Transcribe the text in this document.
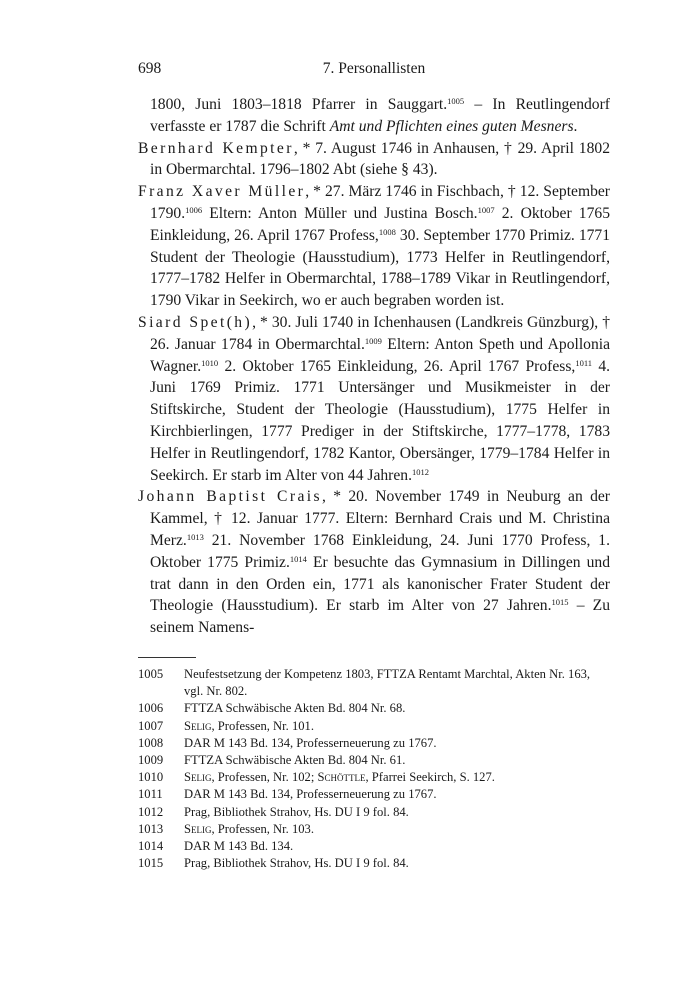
698	7. Personallisten
1800, Juni 1803–1818 Pfarrer in Sauggart.$^{1005}$ – In Reutlingendorf verfasste er 1787 die Schrift Amt und Pflichten eines guten Mesners.
Bernhard Kempter, * 7. August 1746 in Anhausen, † 29. April 1802 in Obermarchtal. 1796–1802 Abt (siehe § 43).
Franz Xaver Müller, * 27. März 1746 in Fischbach, † 12. September 1790.$^{1006}$ Eltern: Anton Müller und Justina Bosch.$^{1007}$ 2. Oktober 1765 Einkleidung, 26. April 1767 Profess,$^{1008}$ 30. September 1770 Primiz. 1771 Student der Theologie (Hausstudium), 1773 Helfer in Reutlingendorf, 1777–1782 Helfer in Obermarchtal, 1788–1789 Vikar in Reutlingendorf, 1790 Vikar in Seekirch, wo er auch begraben worden ist.
Siard Spet(h), * 30. Juli 1740 in Ichenhausen (Landkreis Günzburg), † 26. Januar 1784 in Obermarchtal.$^{1009}$ Eltern: Anton Speth und Apollonia Wagner.$^{1010}$ 2. Oktober 1765 Einkleidung, 26. April 1767 Profess,$^{1011}$ 4. Juni 1769 Primiz. 1771 Untersänger und Musikmeister in der Stiftskirche, Student der Theologie (Hausstudium), 1775 Helfer in Kirchbierlingen, 1777 Prediger in der Stiftskirche, 1777–1778, 1783 Helfer in Reutlingendorf, 1782 Kantor, Obersänger, 1779–1784 Helfer in Seekirch. Er starb im Alter von 44 Jahren.$^{1012}$
Johann Baptist Crais, * 20. November 1749 in Neuburg an der Kammel, † 12. Januar 1777. Eltern: Bernhard Crais und M. Christina Merz.$^{1013}$ 21. November 1768 Einkleidung, 24. Juni 1770 Profess, 1. Oktober 1775 Primiz.$^{1014}$ Er besuchte das Gymnasium in Dillingen und trat dann in den Orden ein, 1771 als kanonischer Frater Student der Theologie (Hausstudium). Er starb im Alter von 27 Jahren.$^{1015}$ – Zu seinem Namens-
1005	Neufestsetzung der Kompetenz 1803, FTTZA Rentamt Marchtal, Akten Nr. 163, vgl. Nr. 802.
1006	FTTZA Schwäbische Akten Bd. 804 Nr. 68.
1007	Selig, Professen, Nr. 101.
1008	DAR M 143 Bd. 134, Professerneuerung zu 1767.
1009	FTTZA Schwäbische Akten Bd. 804 Nr. 61.
1010	Selig, Professen, Nr. 102; Schöttle, Pfarrei Seekirch, S. 127.
1011	DAR M 143 Bd. 134, Professerneuerung zu 1767.
1012	Prag, Bibliothek Strahov, Hs. DU I 9 fol. 84.
1013	Selig, Professen, Nr. 103.
1014	DAR M 143 Bd. 134.
1015	Prag, Bibliothek Strahov, Hs. DU I 9 fol. 84.
